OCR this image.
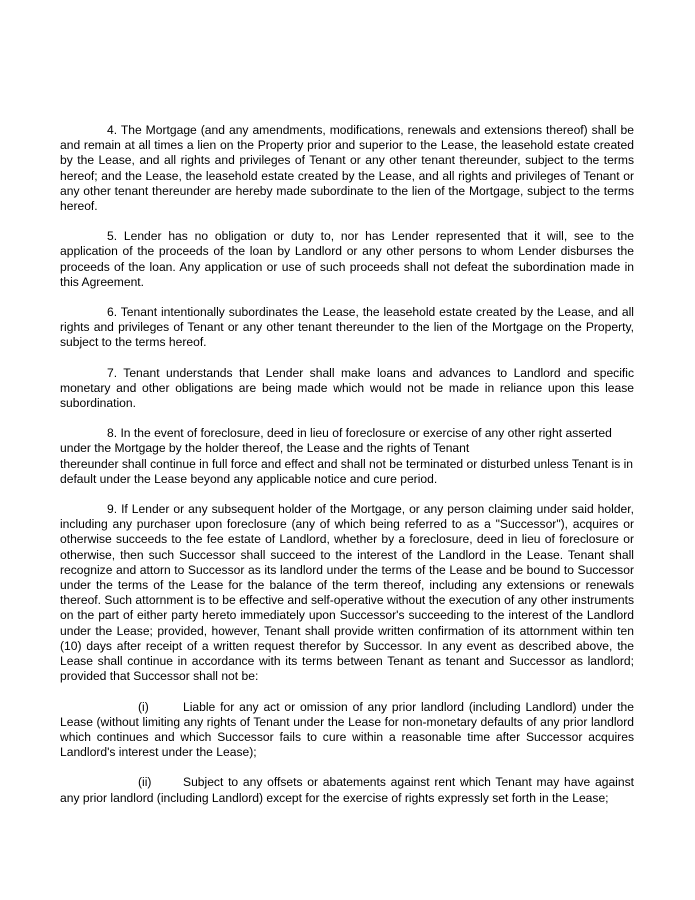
4. The Mortgage (and any amendments, modifications, renewals and extensions thereof) shall be and remain at all times a lien on the Property prior and superior to the Lease, the leasehold estate created by the Lease, and all rights and privileges of Tenant or any other tenant thereunder, subject to the terms hereof; and the Lease, the leasehold estate created by the Lease, and all rights and privileges of Tenant or any other tenant thereunder are hereby made subordinate to the lien of the Mortgage, subject to the terms hereof.

5. Lender has no obligation or duty to, nor has Lender represented that it will, see to the application of the proceeds of the loan by Landlord or any other persons to whom Lender disburses the proceeds of the loan. Any application or use of such proceeds shall not defeat the subordination made in this Agreement.

6. Tenant intentionally subordinates the Lease, the leasehold estate created by the Lease, and all rights and privileges of Tenant or any other tenant thereunder to the lien of the Mortgage on the Property, subject to the terms hereof.

7. Tenant understands that Lender shall make loans and advances to Landlord and specific monetary and other obligations are being made which would not be made in reliance upon this lease subordination.

8. In the event of foreclosure, deed in lieu of foreclosure or exercise of any other right asserted under the Mortgage by the holder thereof, the Lease and the rights of Tenant
thereunder shall continue in full force and effect and shall not be terminated or disturbed unless Tenant is in default under the Lease beyond any applicable notice and cure period.

9. If Lender or any subsequent holder of the Mortgage, or any person claiming under said holder, including any purchaser upon foreclosure (any of which being referred to as a "Successor"), acquires or otherwise succeeds to the fee estate of Landlord, whether by a foreclosure, deed in lieu of foreclosure or otherwise, then such Successor shall succeed to the interest of the Landlord in the Lease. Tenant shall recognize and attorn to Successor as its landlord under the terms of the Lease and be bound to Successor under the terms of the Lease for the balance of the term thereof, including any extensions or renewals thereof. Such attornment is to be effective and self-operative without the execution of any other instruments on the part of either party hereto immediately upon Successor's succeeding to the interest of the Landlord under the Lease; provided, however, Tenant shall provide written confirmation of its attornment within ten (10) days after receipt of a written request therefor by Successor. In any event as described above, the Lease shall continue in accordance with its terms between Tenant as tenant and Successor as landlord; provided that Successor shall not be:

(i)	Liable for any act or omission of any prior landlord (including Landlord) under the Lease (without limiting any rights of Tenant under the Lease for non-monetary defaults of any prior landlord which continues and which Successor fails to cure within a reasonable time after Successor acquires Landlord's interest under the Lease);

(ii)	Subject to any offsets or abatements against rent which Tenant may have against any prior landlord (including Landlord) except for the exercise of rights expressly set forth in the Lease;
